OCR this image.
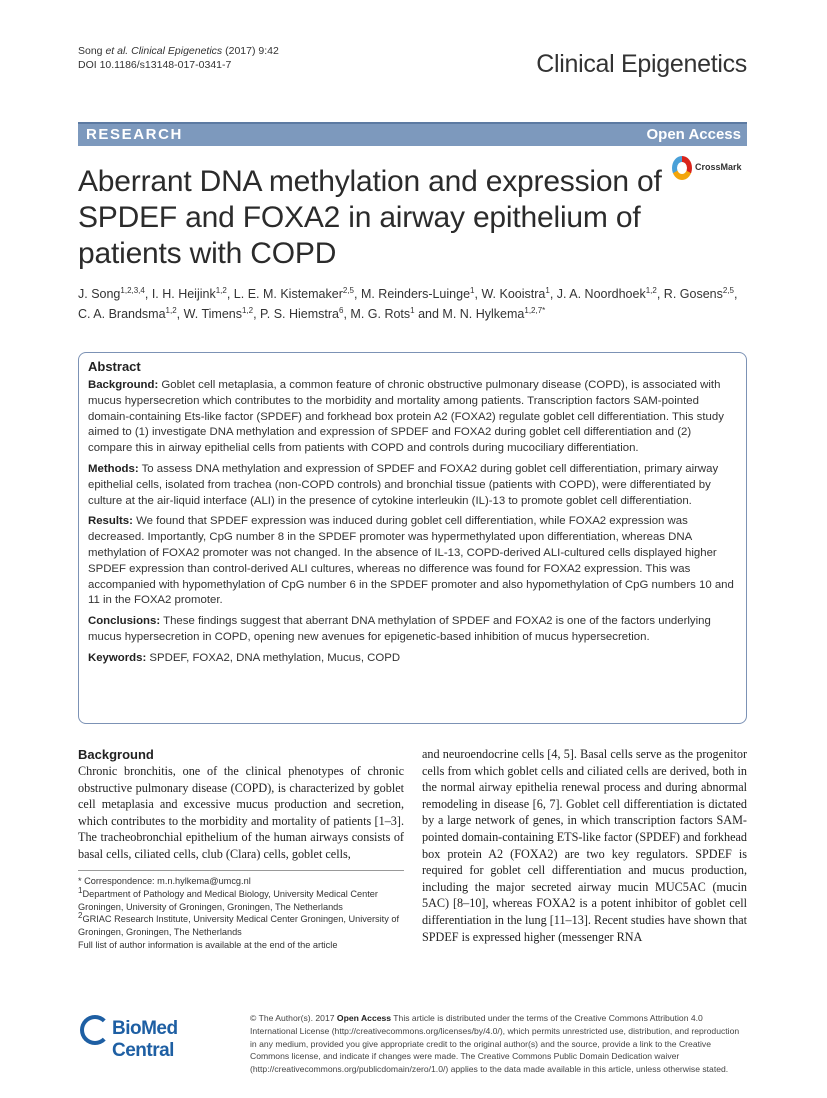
Song et al. Clinical Epigenetics (2017) 9:42
DOI 10.1186/s13148-017-0341-7	Clinical Epigenetics
RESEARCH	Open Access
CrossMark
Aberrant DNA methylation and expression of SPDEF and FOXA2 in airway epithelium of patients with COPD
J. Song$^{1,2,3,4}$, I. H. Heijink$^{1,2}$, L. E. M. Kistemaker$^{2,5}$, M. Reinders-Luinge$^1$, W. Kooistra$^1$, J. A. Noordhoek$^{1,2}$, R. Gosens$^{2,5}$, C. A. Brandsma$^{1,2}$, W. Timens$^{1,2}$, P. S. Hiemstra$^6$, M. G. Rots$^1$ and M. N. Hylkema$^{1,2,7*}$
Abstract

Background: Goblet cell metaplasia, a common feature of chronic obstructive pulmonary disease (COPD), is associated with mucus hypersecretion which contributes to the morbidity and mortality among patients. Transcription factors SAM-pointed domain-containing Ets-like factor (SPDEF) and forkhead box protein A2 (FOXA2) regulate goblet cell differentiation. This study aimed to (1) investigate DNA methylation and expression of SPDEF and FOXA2 during goblet cell differentiation and (2) compare this in airway epithelial cells from patients with COPD and controls during mucociliary differentiation.

Methods: To assess DNA methylation and expression of SPDEF and FOXA2 during goblet cell differentiation, primary airway epithelial cells, isolated from trachea (non-COPD controls) and bronchial tissue (patients with COPD), were differentiated by culture at the air-liquid interface (ALI) in the presence of cytokine interleukin (IL)-13 to promote goblet cell differentiation.

Results: We found that SPDEF expression was induced during goblet cell differentiation, while FOXA2 expression was decreased. Importantly, CpG number 8 in the SPDEF promoter was hypermethylated upon differentiation, whereas DNA methylation of FOXA2 promoter was not changed. In the absence of IL-13, COPD-derived ALI-cultured cells displayed higher SPDEF expression than control-derived ALI cultures, whereas no difference was found for FOXA2 expression. This was accompanied with hypomethylation of CpG number 6 in the SPDEF promoter and also hypomethylation of CpG numbers 10 and 11 in the FOXA2 promoter.

Conclusions: These findings suggest that aberrant DNA methylation of SPDEF and FOXA2 is one of the factors underlying mucus hypersecretion in COPD, opening new avenues for epigenetic-based inhibition of mucus hypersecretion.

Keywords: SPDEF, FOXA2, DNA methylation, Mucus, COPD

Background
Chronic bronchitis, one of the clinical phenotypes of chronic obstructive pulmonary disease (COPD), is characterized by goblet cell metaplasia and excessive mucus production and secretion, which contributes to the morbidity and mortality of patients [1–3]. The tracheobronchial epithelium of the human airways consists of basal cells, ciliated cells, club (Clara) cells, goblet cells,
and neuroendocrine cells [4, 5]. Basal cells serve as the progenitor cells from which goblet cells and ciliated cells are derived, both in the normal airway epithelia renewal process and during abnormal remodeling in disease [6, 7]. Goblet cell differentiation is dictated by a large network of genes, in which transcription factors SAM-pointed domain-containing ETS-like factor (SPDEF) and forkhead box protein A2 (FOXA2) are two key regulators. SPDEF is required for goblet cell differentiation and mucus production, including the major secreted airway mucin MUC5AC (mucin 5AC) [8–10], whereas FOXA2 is a potent inhibitor of goblet cell differentiation in the lung [11–13]. Recent studies have shown that SPDEF is expressed higher (messenger RNA

* Correspondence: m.n.hylkema@umcg.nl

$^1$Department of Pathology and Medical Biology, University Medical Center Groningen, University of Groningen, Groningen, The Netherlands

$^2$GRIAC Research Institute, University Medical Center Groningen, University of Groningen, Groningen, The Netherlands

Full list of author information is available at the end of the article

BioMed Central
© The Author(s). 2017 Open Access This article is distributed under the terms of the Creative Commons Attribution 4.0 International License (http://creativecommons.org/licenses/by/4.0/), which permits unrestricted use, distribution, and reproduction in any medium, provided you give appropriate credit to the original author(s) and the source, provide a link to the Creative Commons license, and indicate if changes were made. The Creative Commons Public Domain Dedication waiver (http://creativecommons.org/publicdomain/zero/1.0/) applies to the data made available in this article, unless otherwise stated.
